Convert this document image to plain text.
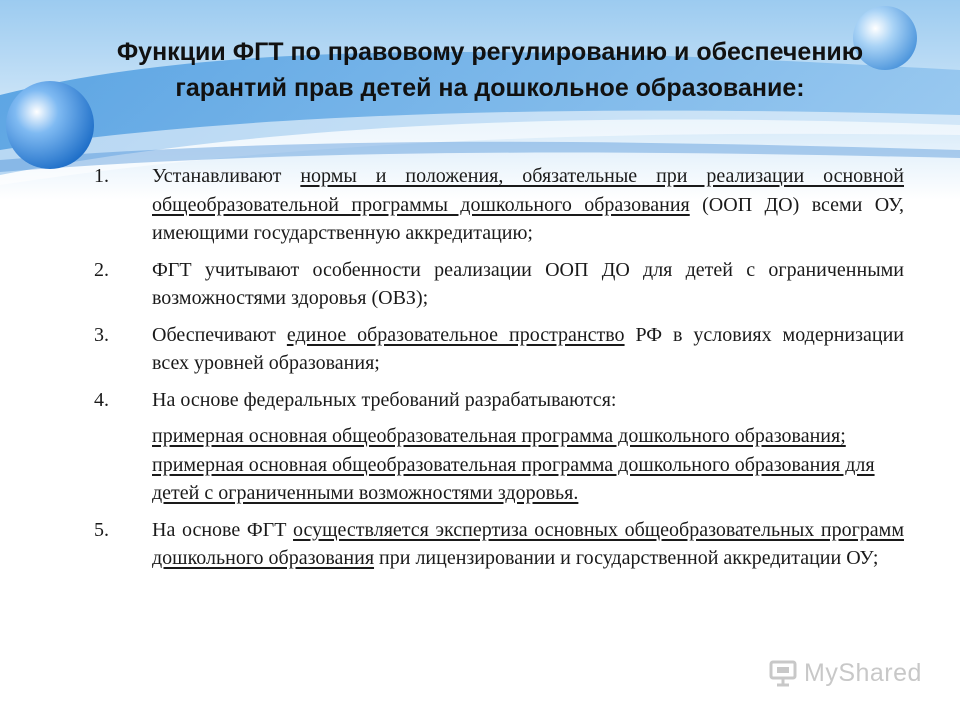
Функции ФГТ по правовому регулированию и обеспечению гарантий прав детей на дошкольное образование:
1.	Устанавливают нормы и положения, обязательные при реализации основной общеобразовательной программы дошкольного образования (ООП ДО) всеми ОУ, имеющими государственную аккредитацию;
2.	ФГТ учитывают особенности реализации ООП ДО для детей с ограниченными возможностями здоровья (ОВЗ);
3.	Обеспечивают единое образовательное пространство РФ в условиях модернизации всех уровней образования;
4.	На основе федеральных требований разрабатываются:
примерная основная общеобразовательная программа дошкольного образования; примерная основная общеобразовательная программа дошкольного образования для детей с ограниченными возможностями здоровья.
5.	На основе ФГТ осуществляется экспертиза основных общеобразовательных программ дошкольного образования при лицензировании и государственной аккредитации ОУ;
MyShared
